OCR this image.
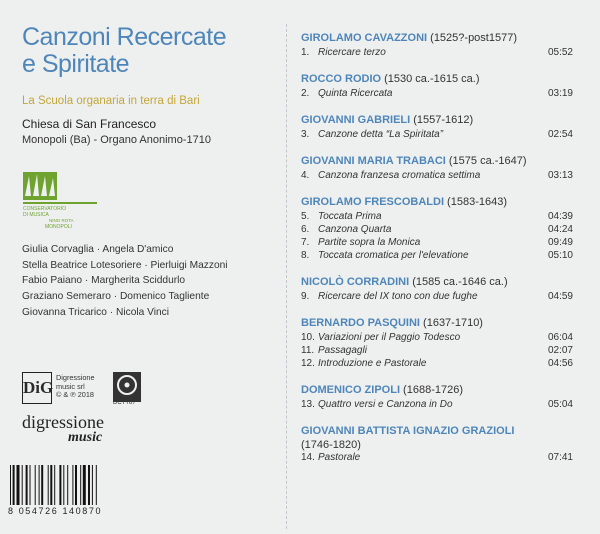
Canzoni Recercate
e Spiritate
La Scuola organaria in terra di Bari
Chiesa di San Francesco
Monopoli (Ba) - Organo Anonimo-1710
CONSERVATORIO
DI MUSICA
NINO ROTA
MONOPOLI
Giulia Corvaglia · Angela D'amico
Stella Beatrice Lotesoriere · Pierluigi Mazzoni
Fabio Paiano · Margherita Sciddurlo
Graziano Semeraro · Domenico Tagliente
Giovanna Tricarico · Nicola Vinci
DiG
Digressione
music srl
© & ℗ 2018
DCTT87
digressione
music
8 054726 140870
GIROLAMO CAVAZZONI (1525?-post1577)
1. Ricercare terzo	05:52
ROCCO RODIO (1530 ca.-1615 ca.)
2. Quinta Ricercata	03:19
GIOVANNI GABRIELI (1557-1612)
3. Canzone detta “La Spiritata”	02:54
GIOVANNI MARIA TRABACI (1575 ca.-1647)
4. Canzona franzesa cromatica settima	03:13
GIROLAMO FRESCOBALDI (1583-1643)
5. Toccata Prima	04:39
6. Canzona Quarta	04:24
7. Partite sopra la Monica	09:49
8. Toccata cromatica per l'elevatione	05:10
NICOLÒ CORRADINI (1585 ca.-1646 ca.)
9. Ricercare del IX tono con due fughe	04:59
BERNARDO PASQUINI (1637-1710)
10. Variazioni per il Paggio Todesco	06:04
11. Passagagli	02:07
12. Introduzione e Pastorale	04:56
DOMENICO ZIPOLI (1688-1726)
13. Quattro versi e Canzona in Do	05:04
GIOVANNI BATTISTA IGNAZIO GRAZIOLI
(1746-1820)
14. Pastorale	07:41
